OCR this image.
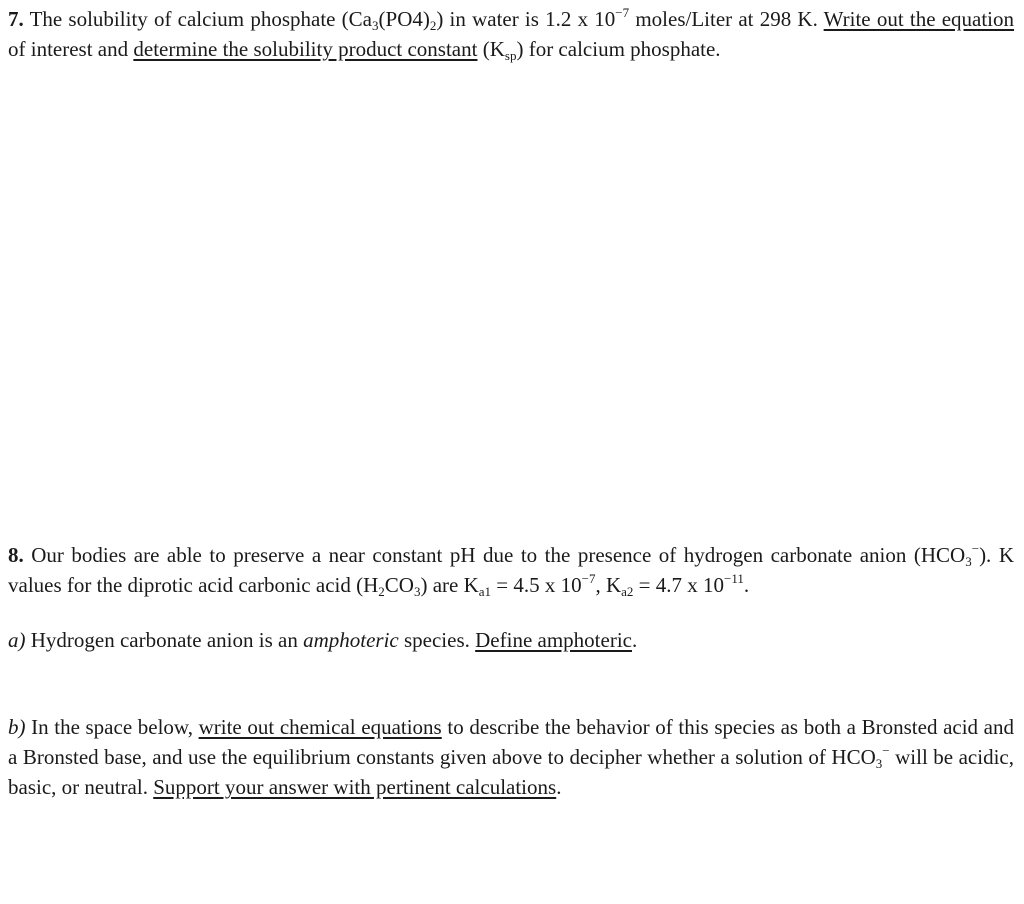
7. The solubility of calcium phosphate $(Ca_3(PO4)_2)$ in water is 1.2 x $10^{-7}$ moles/Liter at 298 K. Write out the equation of interest and determine the solubility product constant $(K_{sp})$ for calcium phosphate.

8. Our bodies are able to preserve a near constant pH due to the presence of hydrogen carbonate anion $(HCO_3^-)$. K values for the diprotic acid carbonic acid $(H_2CO_3)$ are $K_{a1} = 4.5$ x $10^{-7}$, $K_{a2} = 4.7$ x $10^{-11}$.

a) Hydrogen carbonate anion is an amphoteric species. Define amphoteric.

b) In the space below, write out chemical equations to describe the behavior of this species as both a Bronsted acid and a Bronsted base, and use the equilibrium constants given above to decipher whether a solution of $HCO_3^-$ will be acidic, basic, or neutral. Support your answer with pertinent calculations.
